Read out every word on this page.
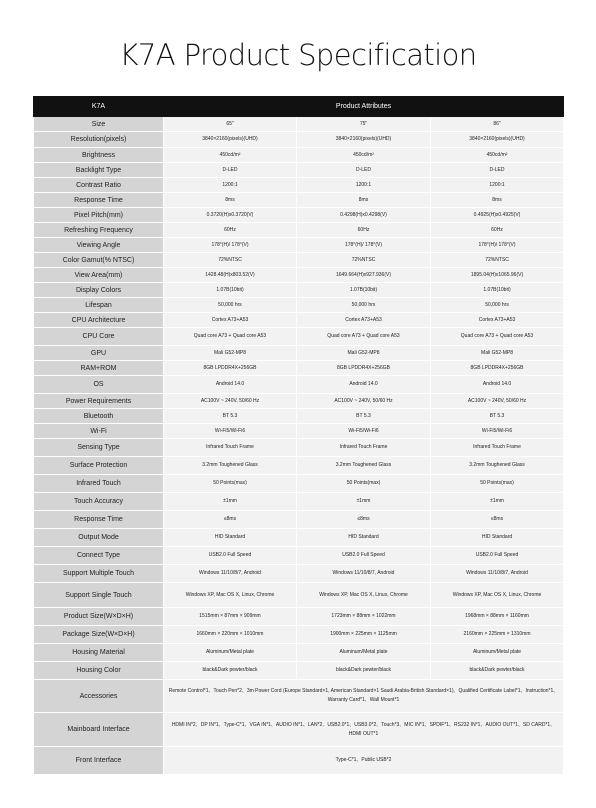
K7A Product Specification
K7A	Product Attributes		
Size	65"	75"	86"
Resolution(pixels)	3840×2160(pixels)(UHD)	3840×2160(pixels)(UHD)	3840×2160(pixels)(UHD)
Brightness	450cd/m²	450cd/m²	450cd/m²
Backlight Type	D-LED	D-LED	D-LED
Contrast Ratio	1200:1	1200:1	1200:1
Response Time	8ms	8ms	8ms
Pixel Pitch(mm)	0.3720(H)x0.3720(V)	0.4298(H)x0.4298(V)	0.4925(H)x0.4925(V)
Refreshing Frequency	60Hz	60Hz	60Hz
Viewing Angle	178°(H)/ 178°(V)	178°(H)/ 178°(V)	178°(H)/ 178°(V)
Color Gamut(% NTSC)	72%NTSC	72%NTSC	72%NTSC
View Area(mm)	1428.48(H)x803.52(V)	1649.664(H)x927.936(V)	1895.04(H)x1065.96(V)
Display Colors	1.07B(10bit)	1.07B(10bit)	1.07B(10bit)
Lifespan	50,000 hrs	50,000 hrs	50,000 hrs
CPU Architecture	Cortex A73+A53	Cortex A73+A53	Cortex A73+A53
CPU Core	Quad core A73 + Quad core A53	Quad core A73 + Quad core A53	Quad core A73 + Quad core A53
GPU	Mali G52-MP8	Mali G52-MP8	Mali G52-MP8
RAM+ROM	8GB LPDDR4X+256GB	8GB LPDDR4X+256GB	8GB LPDDR4X+256GB
OS	Android 14.0	Android 14.0	Android 14.0
Power Requirements	AC100V ~ 240V, 50/60 Hz	AC100V ~ 240V, 50/60 Hz	AC100V ~ 240V, 50/60 Hz
Bluetooth	BT 5.3	BT 5.3	BT 5.3
Wi-Fi	Wi-Fi5/Wi-Fi6	Wi-Fi5/Wi-Fi6	Wi-Fi5/Wi-Fi6
Sensing Type	Infrared Touch Frame	Infrared Touch Frame	Infrared Touch Frame
Surface Protection	3.2mm Toughened Glass	3.2mm Toughened Glass	3.2mm Toughened Glass
Infrared Touch	50 Points(max)	50 Points(max)	50 Points(max)
Touch Accuracy	±1mm	±1mm	±1mm
Response Time	≤8ms	≤8ms	≤8ms
Output Mode	HID Standard	HID Standard	HID Standard
Connect Type	USB2.0 Full Speed	USB2.0 Full Speed	USB2.0 Full Speed
Support Multiple Touch	Windows 11/10/8/7, Android	Windows 11/10/8/7, Android	Windows 11/10/8/7, Android
Support Single Touch	Windows XP, Mac OS X, Linux, Chrome	Windows XP, Mac OS X, Linux, Chrome	Windows XP, Mac OS X, Linux, Chrome
Product Size(W×D×H)	1515mm × 87mm × 909mm	1723mm × 88mm × 1022mm	1968mm × 88mm × 1160mm
Package Size(W×D×H)	1660mm × 220mm × 1010mm	1900mm × 225mm × 1125mm	2160mm × 225mm × 1310mm
Housing Material	Aluminum/Metal plate	Aluminum/Metal plate	Aluminum/Metal plate
Housing Color	black&Dark pewter/black	black&Dark pewter/black	black&Dark pewter/black
Accessories	Remote Control*1、Touch Pen*2、3m Power Cord (Europe Standard×1, American Standard×1 Saudi Arabia-British Standard×1)、Qualified Certificate Label*1、Instruction*1、Warranty Card*1、Wall Mount*1		
Mainboard Interface	HDMI IN*2、DP IN*1、Type-C*1、VGA IN*1、AUDIO IN*1、LAN*2、USB2.0*1、USB3.0*2、Touch*3、MIC IN*1、SPDIF*1、RS232 IN*1、AUDIO OUT*1、SD CARD*1、HDMI OUT*1		
Front Interface	Type-C*1、Public USB*2		
